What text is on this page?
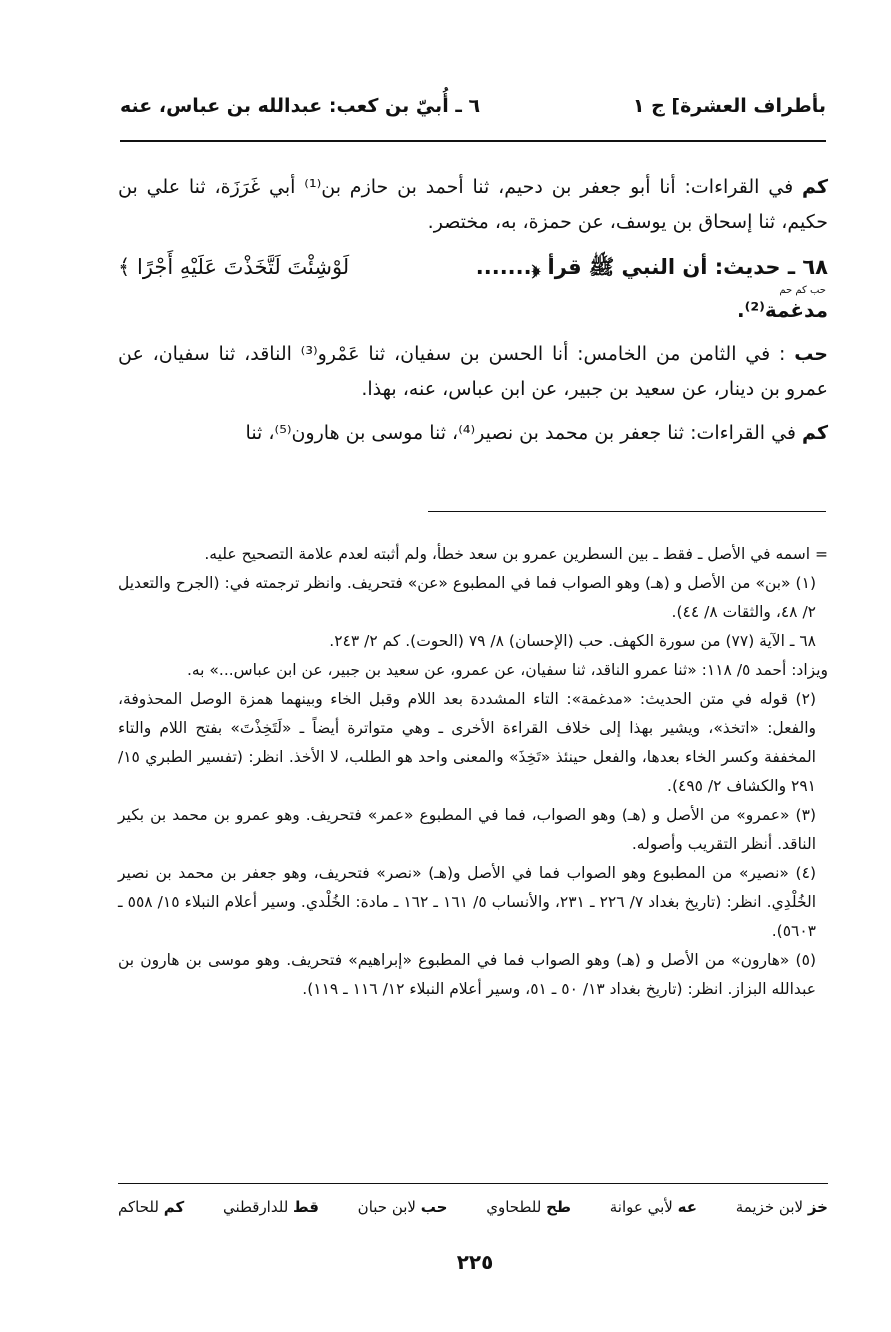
بأطراف العشرة] ج ١
٦ ـ أُبيّ بن كعب: عبدالله بن عباس، عنه

كم في القراءات: أنا أبو جعفر بن دحيم، ثنا أحمد بن حازم بن⁽¹⁾ أبي غَرَزَة، ثنا علي بن حكيم، ثنا إسحاق بن يوسف، عن حمزة، به، مختصر.

٦٨ ـ حديث: أن النبي ﷺ قرأ ﴿.......
لَوْشِئْتَ لَتَّخَذْتَ عَلَيْهِ أَجْرًا ﴾
حب كم حم
مدغمة⁽²⁾.

حب : في الثامن من الخامس: أنا الحسن بن سفيان، ثنا عَمْرو⁽³⁾ الناقد، ثنا سفيان، عن عمرو بن دينار، عن سعيد بن جبير، عن ابن عباس، عنه، بهذا.

كم في القراءات: ثنا جعفر بن محمد بن نصير⁽⁴⁾، ثنا موسى بن هارون⁽⁵⁾، ثنا

= اسمه في الأصل ـ فقط ـ بين السطرين عمرو بن سعد خطأ، ولم أثبته لعدم علامة التصحيح عليه.

(١) «بن» من الأصل و (هـ) وهو الصواب فما في المطبوع «عن» فتحريف. وانظر ترجمته في: (الجرح والتعديل ٢/ ٤٨، والثقات ٨/ ٤٤).

٦٨ ـ الآية (٧٧) من سورة الكهف. حب (الإحسان) ٨/ ٧٩ (الحوت). كم ٢/ ٢٤٣.

ويزاد: أحمد ٥/ ١١٨: «ثنا عمرو الناقد، ثنا سفيان، عن عمرو، عن سعيد بن جبير، عن ابن عباس...» به.

(٢) قوله في متن الحديث: «مدغمة»: التاء المشددة بعد اللام وقبل الخاء وبينهما همزة الوصل المحذوفة، والفعل: «اتخذ»، ويشير بهذا إلى خلاف القراءة الأخرى ـ وهي متواترة أيضاً ـ «لَتَخِذْتَ» بفتح اللام والتاء المخففة وكسر الخاء بعدها، والفعل حينئذ «تَخِذَ» والمعنى واحد هو الطلب، لا الأخذ. انظر: (تفسير الطبري ١٥/ ٢٩١ والكشاف ٢/ ٤٩٥).

(٣) «عمرو» من الأصل و (هـ) وهو الصواب، فما في المطبوع «عمر» فتحريف. وهو عمرو بن محمد بن بكير الناقد. أنظر التقريب وأصوله.

(٤) «نصير» من المطبوع وهو الصواب فما في الأصل و(هـ) «نصر» فتحريف، وهو جعفر بن محمد بن نصير الخُلْدِي. انظر: (تاريخ بغداد ٧/ ٢٢٦ ـ ٢٣١، والأنساب ٥/ ١٦١ ـ ١٦٢ ـ مادة: الخُلْدي. وسير أعلام النبلاء ١٥/ ٥٥٨ ـ ٥٦٠٣).

(٥) «هارون» من الأصل و (هـ) وهو الصواب فما في المطبوع «إبراهيم» فتحريف. وهو موسى بن هارون بن عبدالله البزاز. انظر: (تاريخ بغداد ١٣/ ٥٠ ـ ٥١، وسير أعلام النبلاء ١٢/ ١١٦ ـ ١١٩).

خز لابن خزيمة
عه لأبي عوانة
طح للطحاوي
حب لابن حبان
قط للدارقطني
كم للحاكم
٢٢٥
